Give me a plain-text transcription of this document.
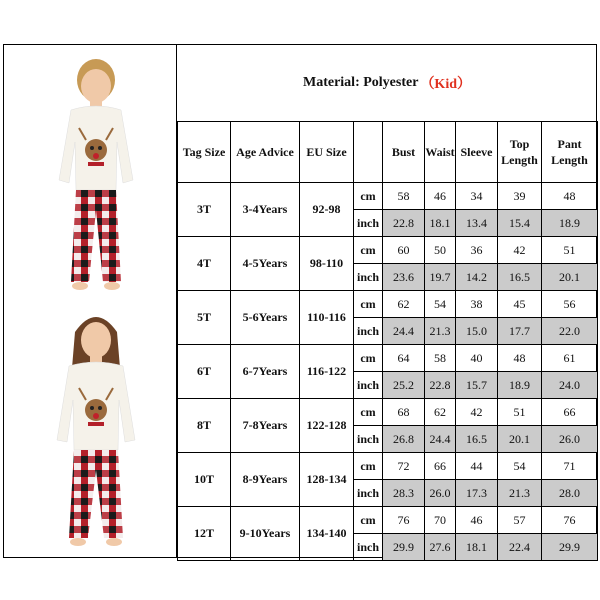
Material: Polyester （Kid）
Tag Size	Age Advice	EU Size		Bust	Waist	Sleeve	Top Length	Pant Length
3T	3-4Years	92-98	cm	58	46	34	39	48
			inch	22.8	18.1	13.4	15.4	18.9
4T	4-5Years	98-110	cm	60	50	36	42	51
			inch	23.6	19.7	14.2	16.5	20.1
5T	5-6Years	110-116	cm	62	54	38	45	56
			inch	24.4	21.3	15.0	17.7	22.0
6T	6-7Years	116-122	cm	64	58	40	48	61
			inch	25.2	22.8	15.7	18.9	24.0
8T	7-8Years	122-128	cm	68	62	42	51	66
			inch	26.8	24.4	16.5	20.1	26.0
10T	8-9Years	128-134	cm	72	66	44	54	71
			inch	28.3	26.0	17.3	21.3	28.0
12T	9-10Years	134-140	cm	76	70	46	57	76
			inch	29.9	27.6	18.1	22.4	29.9
